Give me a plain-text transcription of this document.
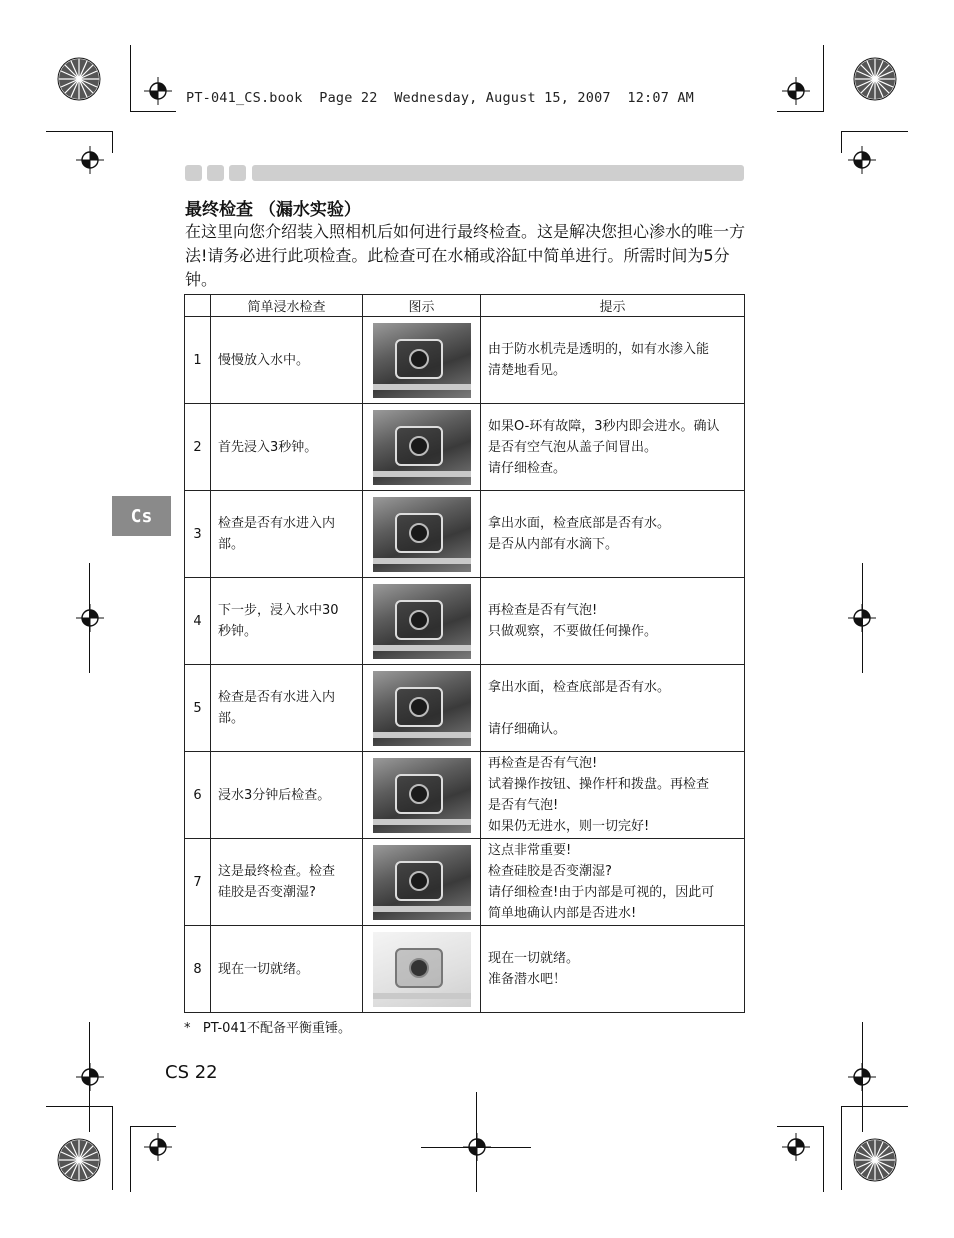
PT-041_CS.book Page 22 Wednesday, August 15, 2007 12:07 AM
最终检查 （漏水实验）
在这里向您介绍装入照相机后如何进行最终检查。这是解决您担心渗水的唯一方法!请务必进行此项检查。此检查可在水桶或浴缸中简单进行。所需时间为5分钟。
Cs
	简单浸水检查	图示	提示
1	慢慢放入水中。		由于防水机壳是透明的，如有水渗入能
清楚地看见。

2	首先浸入3秒钟。		如果O-环有故障，3秒内即会进水。确认
是否有空气泡从盖子间冒出。
请仔细检查。

3	检查是否有水进入内
部。		拿出水面，检查底部是否有水。
是否从内部有水滴下。

4	下一步，浸入水中30
秒钟。		再检查是否有气泡!
只做观察，不要做任何操作。

5	检查是否有水进入内
部。		拿出水面，检查底部是否有水。
请仔细确认。

6	浸水3分钟后检查。		再检查是否有气泡!
试着操作按钮、操作杆和拨盘。再检查
是否有气泡!
如果仍无进水，则一切完好!

7	这是最终检查。检查
硅胶是否变潮湿?		这点非常重要!
检查硅胶是否变潮湿?
请仔细检查!由于内部是可视的，因此可
简单地确认内部是否进水!

8	现在一切就绪。		现在一切就绪。
准备潜水吧！
*   PT-041不配备平衡重锤。
CS 22
